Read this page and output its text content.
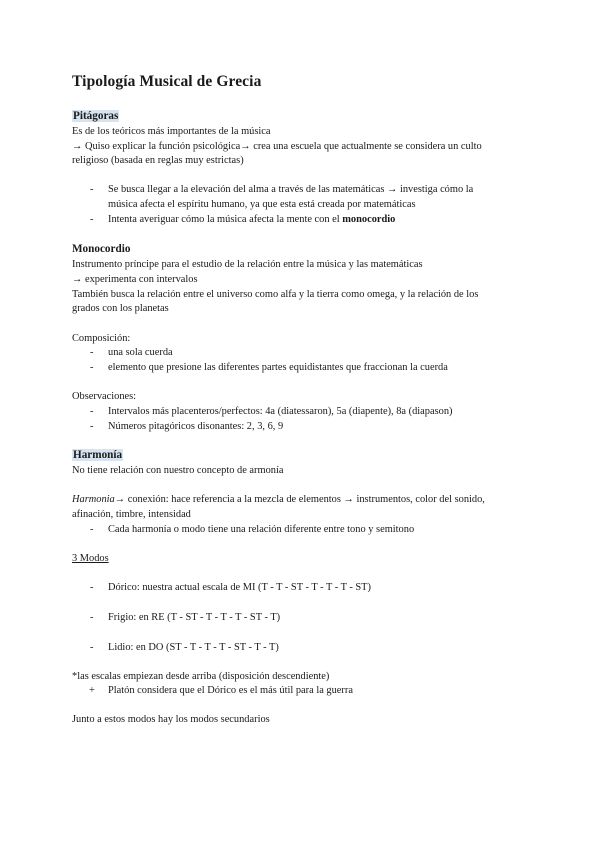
Tipología Musical de Grecia
Pitágoras
Es de los teóricos más importantes de la música
→ Quiso explicar la función psicológica→ crea una escuela que actualmente se considera un culto
religioso (basada en reglas muy estrictas)
- Se busca llegar a la elevación del alma a través de las matemáticas → investiga cómo la
música afecta el espíritu humano, ya que esta está creada por matemáticas
- Intenta averiguar cómo la música afecta la mente con el monocordio
Monocordio
Instrumento príncipe para el estudio de la relación entre la música y las matemáticas
→ experimenta con intervalos
También busca la relación entre el universo como alfa y la tierra como omega, y la relación de los
grados con los planetas
Composición:
- una sola cuerda
- elemento que presione las diferentes partes equidistantes que fraccionan la cuerda
Observaciones:
- Intervalos más placenteros/perfectos: 4a (diatessaron), 5a (diapente), 8a (diapason)
- Números pitagóricos disonantes: 2, 3, 6, 9
Harmonía
No tiene relación con nuestro concepto de armonía
Harmonia→ conexión: hace referencia a la mezcla de elementos → instrumentos, color del sonido,
afinación, timbre, intensidad
- Cada harmonía o modo tiene una relación diferente entre tono y semitono
3 Modos
- Dórico: nuestra actual escala de MI (T - T - ST - T - T - T - ST)
- Frigio: en RE (T - ST - T - T - T - ST - T)
- Lidio: en DO (ST - T - T - T - ST - T - T)
*las escalas empiezan desde arriba (disposición descendiente)
+ Platón considera que el Dórico es el más útil para la guerra
Junto a estos modos hay los modos secundarios
